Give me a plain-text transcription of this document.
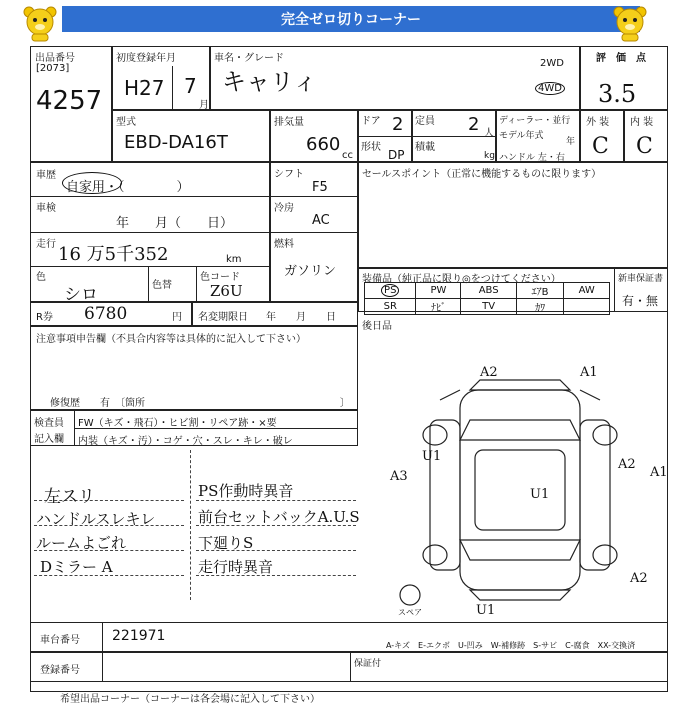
完全ゼロ切りコーナー
出品番号
[2073]
4257
初度登録年月
H27 7
月
車名・グレード
キャリィ
2WD
4WD
評　価　点
3.5
型式
EBD-DA16T
排気量
660
cc
ドア 2
形状
DP
定員 2 人
積載
kg
ディーラー・並行
モデル年式
年
ハンドル 左・右
外 装 内 装
C C
車歴
自家用・（　　　　）
車検
年　　月（　　日）
走行 16 万5千352	km
色
シロ	色替
色コード
Z6U
シフト
F5
冷房
AC
燃料
ガソリン
R券 6780	円 名変期限日 年　　月　　日
セールスポイント（正常に機能するものに限ります）
装備品（純正品に限り◎をつけてください）
PS	PW	ABS	ｴｱB	AW
SR	ﾅﾋﾞ	TV	ｶﾜ	
新車保証書
有・無
後日品
注意事項申告欄（不具合内容等は具体的に記入して下さい）
修復歴　　有　〔箇所	〕
検査員
記入欄
FW（キズ・飛石）・ヒビ割・リペア跡・×要
内装（キズ・汚）・コゲ・穴・スレ・キレ・破レ
左スリ
ハンドルスレキレ
ルームよごれ
Dミラー A
PS作動時異音
前台セットバックA.U.S
下廻りS
走行時異音
A2	A1
U1
A3
U1
A2
A1
A2
U1
スペア
車台番号 221971
A-キズ　E-エクボ　U-凹み　W-補修跡　S-サビ　C-腐食　XX-交換済
登録番号
保証付
希望出品コーナー（コーナーは各会場に記入して下さい）
